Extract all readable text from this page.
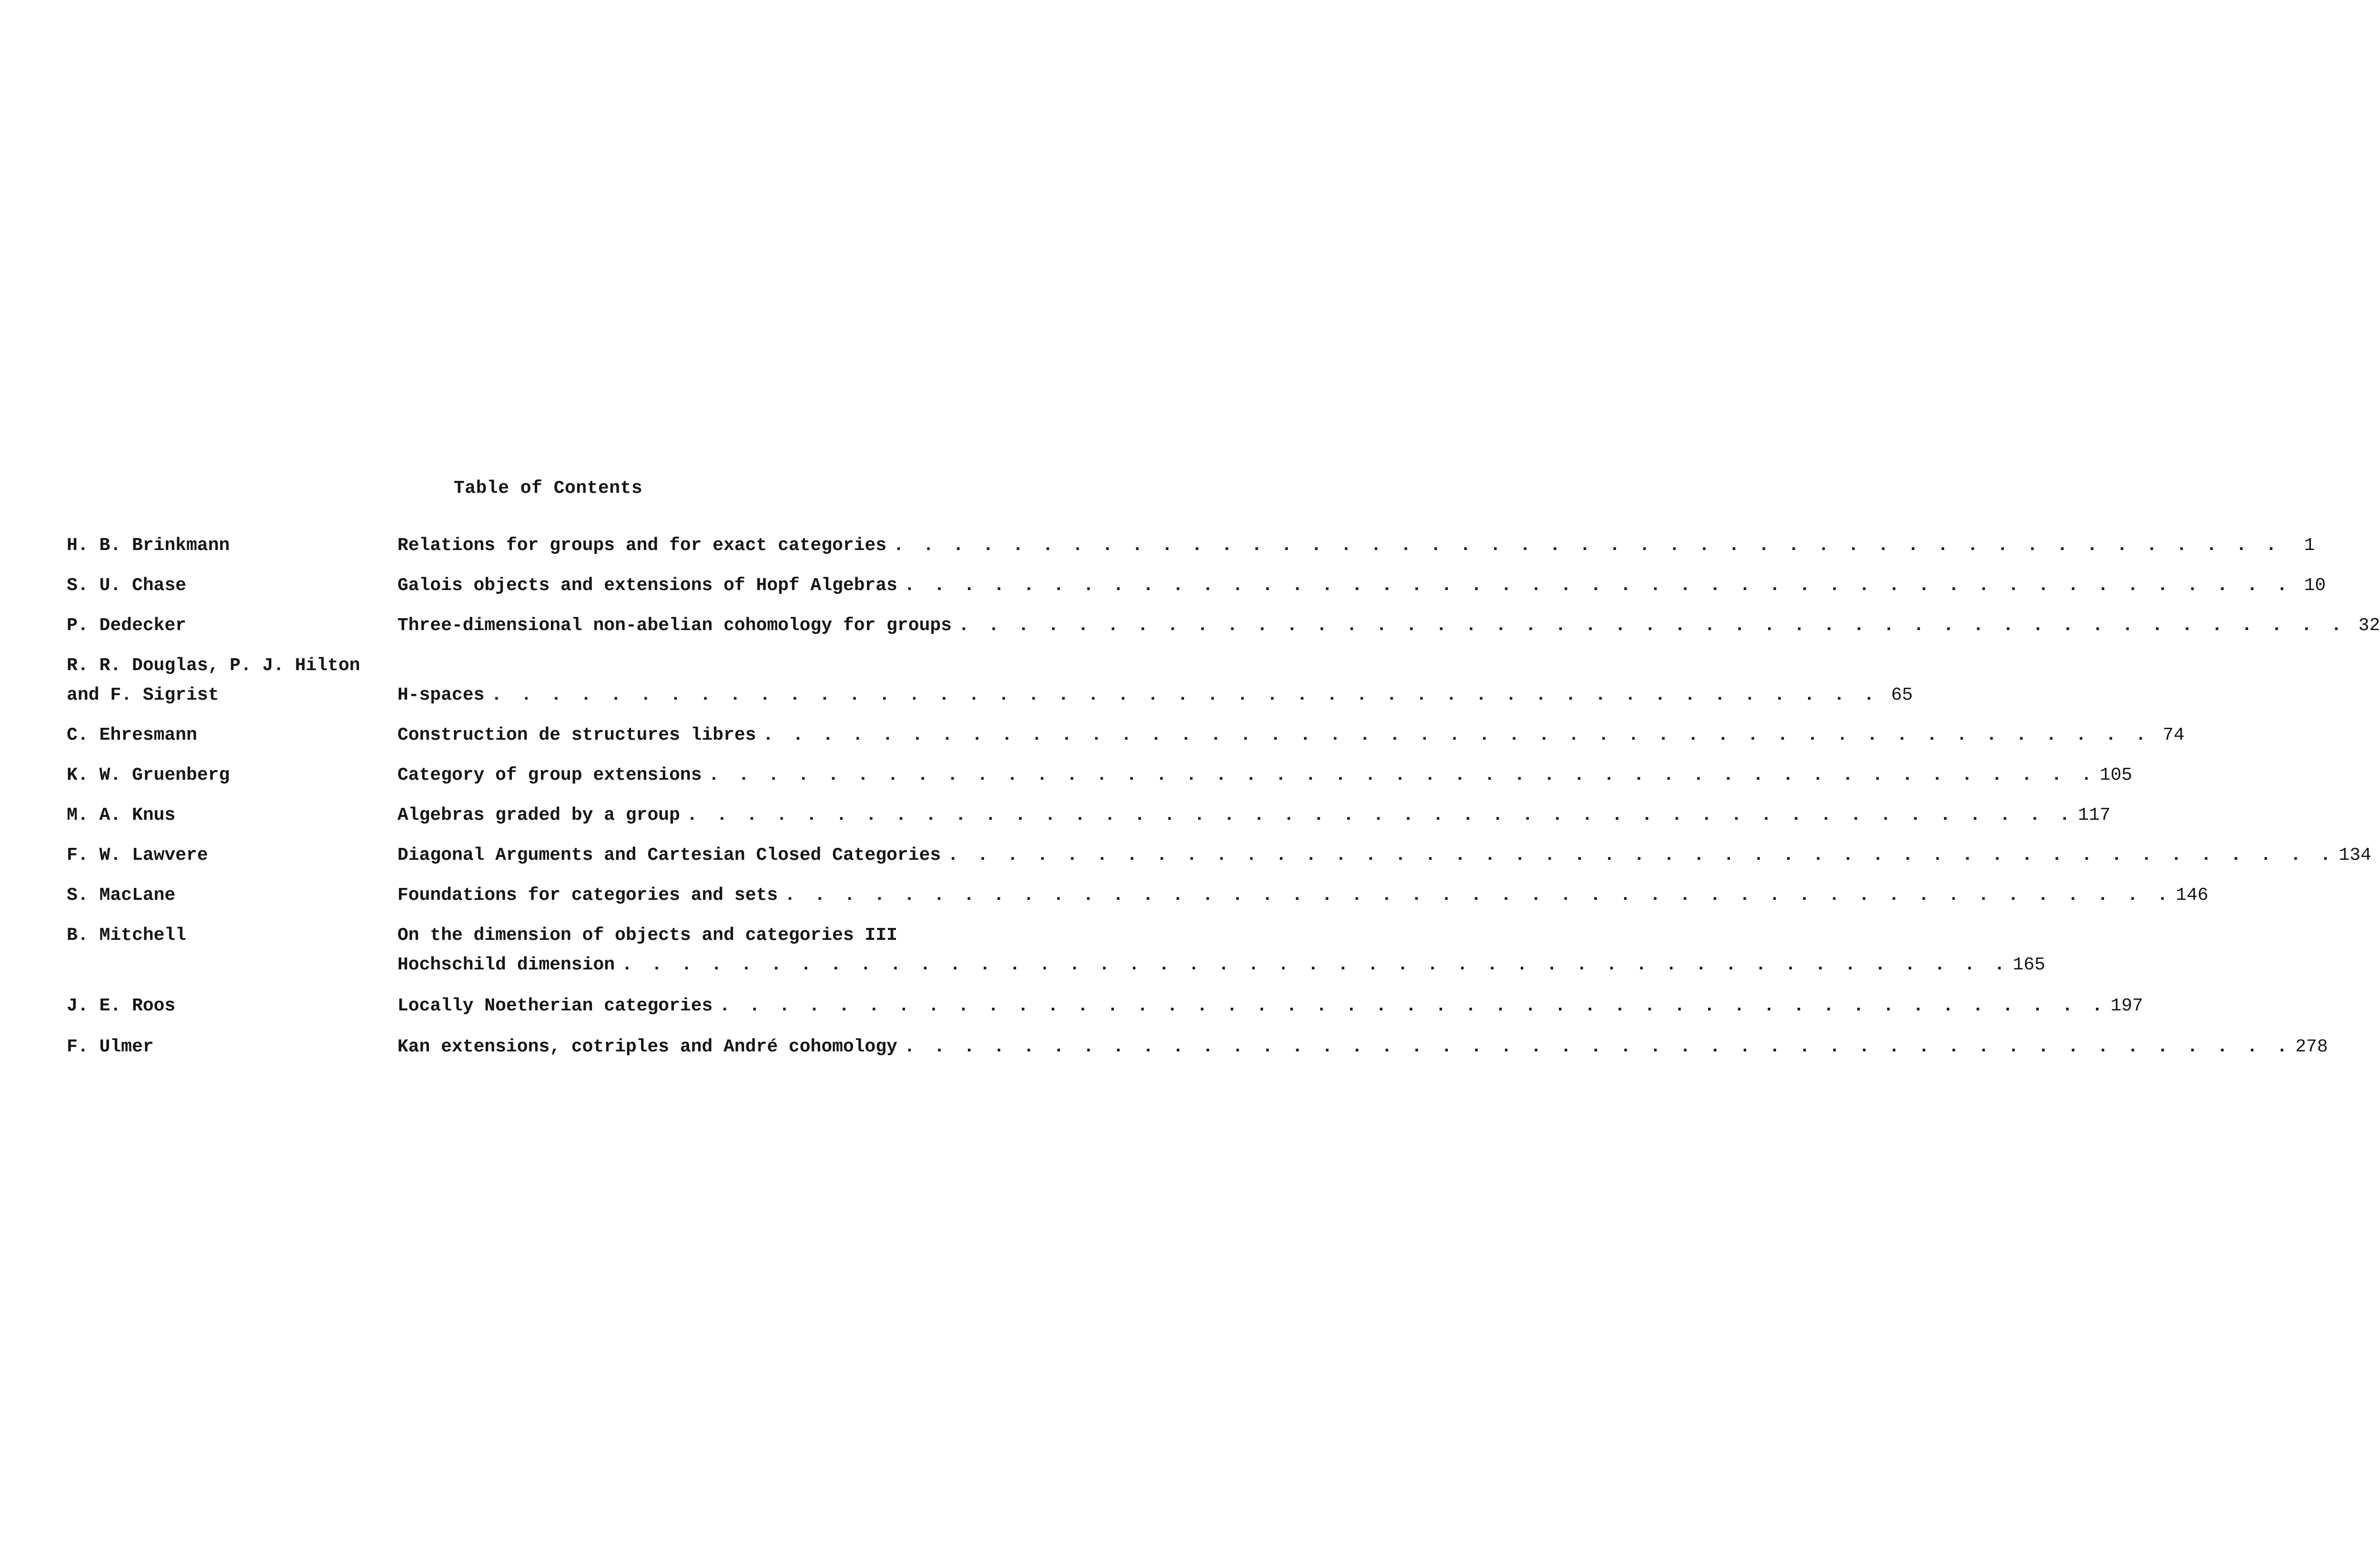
Table of Contents
H. B. Brinkmann	Relations for groups and for exact categories . . . . . . . . . . . . . . . . . . . . . . . . . . . . . . . . . . . . . . . . . . . . . . .	1
S. U. Chase	Galois objects and extensions of Hopf Algebras . . . . . . . . . . . . . . . . . . . . . . . . . . . . . . . . . . . . . . . . . . . . . . . 10
P. Dedecker	Three-dimensional non-abelian cohomology for groups . . . . . . . . . . . . . . . . . . . . . . . . . . . . . . . . . . . . . . . . . . . . . . . 32
R. R. Douglas, P. J. Hilton
and F. Sigrist	H-spaces . . . . . . . . . . . . . . . . . . . . . . . . . . . . . . . . . . . . . . . . . . . . . . . 65
C. Ehresmann	Construction de structures libres . . . . . . . . . . . . . . . . . . . . . . . . . . . . . . . . . . . . . . . . . . . . . . . 74
K. W. Gruenberg	Category of group extensions . . . . . . . . . . . . . . . . . . . . . . . . . . . . . . . . . . . . . . . . . . . . . . . 105
M. A. Knus	Algebras graded by a group . . . . . . . . . . . . . . . . . . . . . . . . . . . . . . . . . . . . . . . . . . . . . . . 117
F. W. Lawvere	Diagonal Arguments and Cartesian Closed Categories . . . . . . . . . . . . . . . . . . . . . . . . . . . . . . . . . . . . . . . . . . . . . . . 134
S. MacLane	Foundations for categories and sets . . . . . . . . . . . . . . . . . . . . . . . . . . . . . . . . . . . . . . . . . . . . . . . 146
B. Mitchell	On the dimension of objects and categories III
Hochschild dimension . . . . . . . . . . . . . . . . . . . . . . . . . . . . . . . . . . . . . . . . . . . . . . . 165
J. E. Roos	Locally Noetherian categories . . . . . . . . . . . . . . . . . . . . . . . . . . . . . . . . . . . . . . . . . . . . . . . 197
F. Ulmer	Kan extensions, cotriples and André cohomology . . . . . . . . . . . . . . . . . . . . . . . . . . . . . . . . . . . . . . . . . . . . . . . 278
